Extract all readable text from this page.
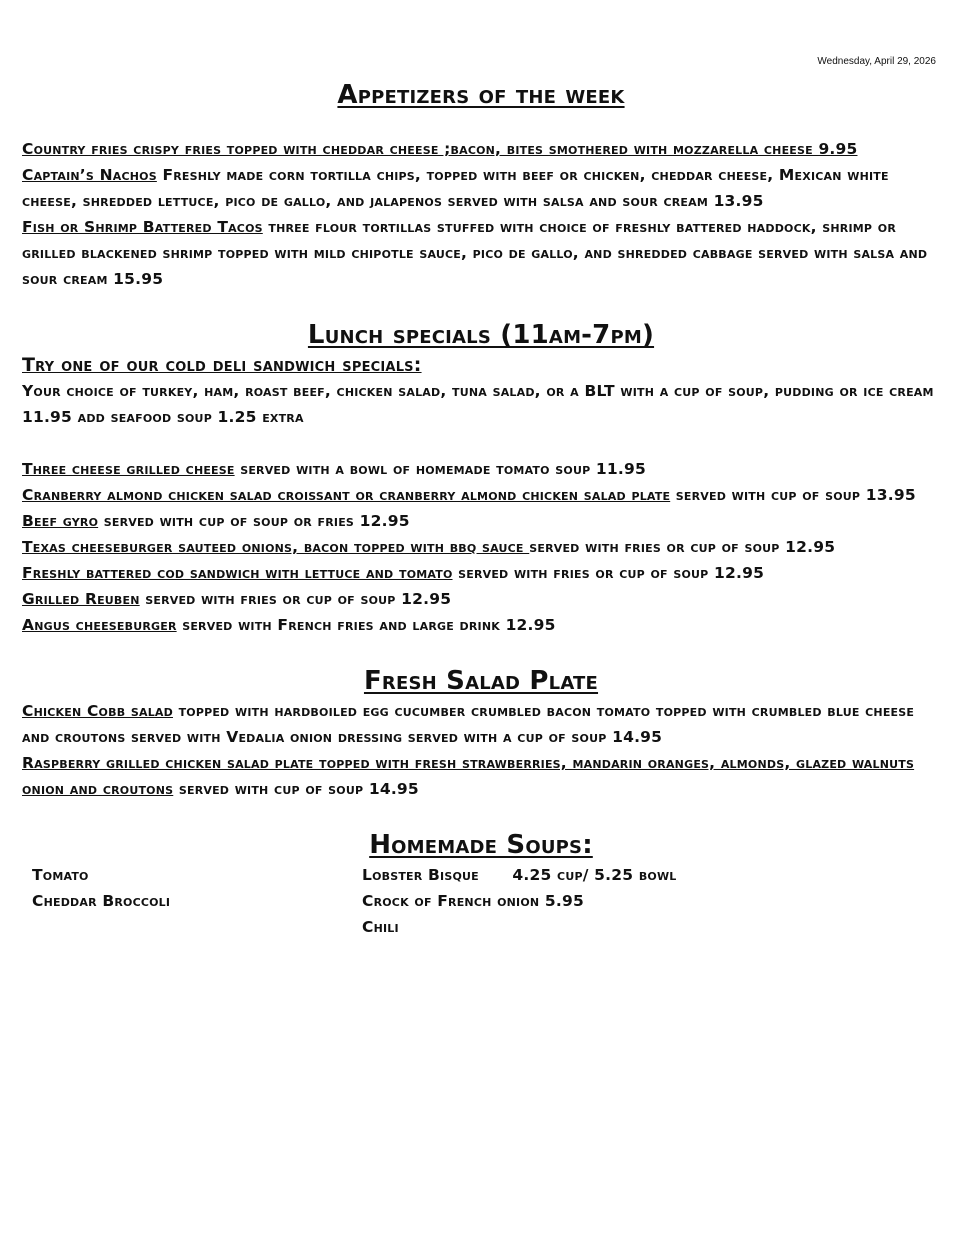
Wednesday, April 29, 2026
Appetizers of the week

Country fries crispy fries topped with cheddar cheese ;bacon, bites smothered with mozzarella cheese 9.95

Captain’s Nachos Freshly made corn tortilla chips, topped with beef or chicken, cheddar cheese, Mexican white cheese, shredded lettuce, pico de gallo, and jalapenos served with salsa and sour cream 13.95

Fish or Shrimp Battered Tacos three flour tortillas stuffed with choice of freshly battered haddock, shrimp or grilled blackened shrimp topped with mild chipotle sauce, pico de gallo, and shredded cabbage served with salsa and sour cream 15.95

Lunch specials (11am-7pm)
Try one of our cold deli sandwich specials:

Your choice of turkey, ham, roast beef, chicken salad, tuna salad, or a BLT with a cup of soup, pudding or ice cream 11.95 add seafood soup 1.25 extra

Three cheese grilled cheese served with a bowl of homemade tomato soup 11.95

Cranberry almond chicken salad croissant or cranberry almond chicken salad plate served with cup of soup 13.95

Beef gyro served with cup of soup or fries 12.95

Texas cheeseburger sauteed onions, bacon topped with bbq sauce served with fries or cup of soup 12.95

Freshly battered cod sandwich with lettuce and tomato served with fries or cup of soup 12.95

Grilled Reuben served with fries or cup of soup 12.95

Angus cheeseburger served with French fries and large drink 12.95

Fresh Salad Plate

Chicken Cobb salad topped with hardboiled egg cucumber crumbled bacon tomato topped with crumbled blue cheese and croutons served with Vedalia onion dressing served with a cup of soup 14.95

Raspberry grilled chicken salad plate topped with fresh strawberries, mandarin oranges, almonds, glazed walnuts onion and croutons served with cup of soup 14.95

Homemade Soups:
Tomato
Cheddar Broccoli
Lobster Bisque      4.25 cup/ 5.25 bowl
Crock of French onion 5.95
Chili
